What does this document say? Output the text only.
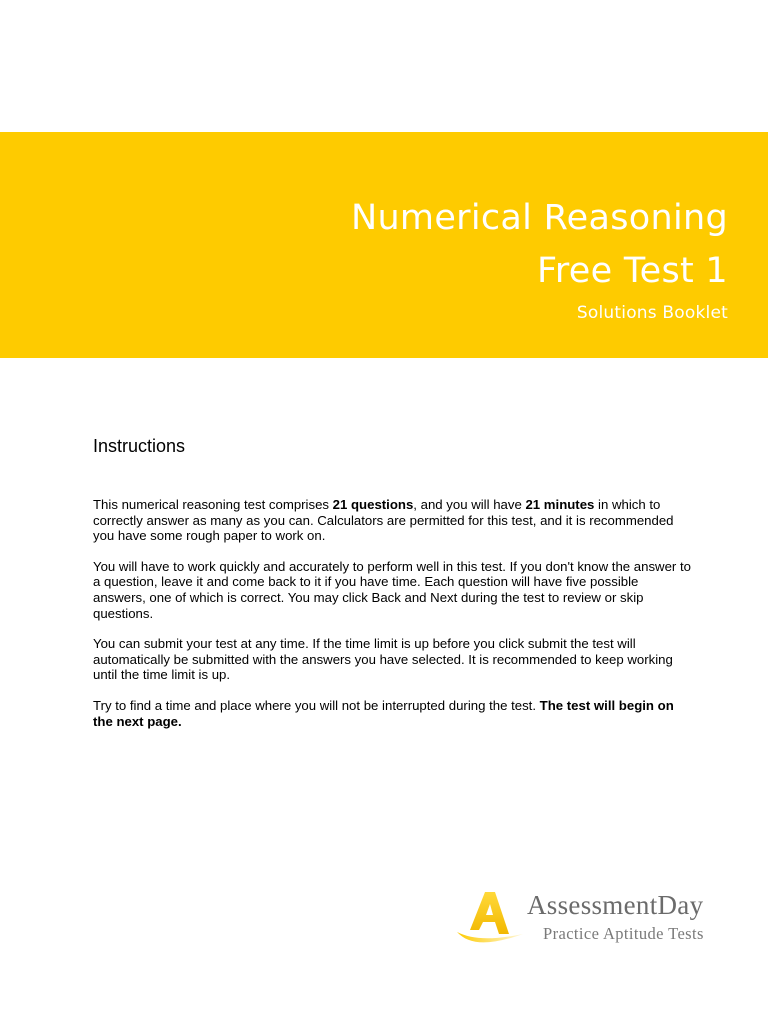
Numerical Reasoning
Free Test 1
Solutions Booklet
Instructions

This numerical reasoning test comprises 21 questions, and you will have 21 minutes in which to correctly answer as many as you can. Calculators are permitted for this test, and it is recommended you have some rough paper to work on.

You will have to work quickly and accurately to perform well in this test. If you don't know the answer to a question, leave it and come back to it if you have time. Each question will have five possible answers, one of which is correct. You may click Back and Next during the test to review or skip questions.

You can submit your test at any time. If the time limit is up before you click submit the test will automatically be submitted with the answers you have selected. It is recommended to keep working until the time limit is up.

Try to find a time and place where you will not be interrupted during the test. The test will begin on the next page.

AssessmentDay
Practice Aptitude Tests
